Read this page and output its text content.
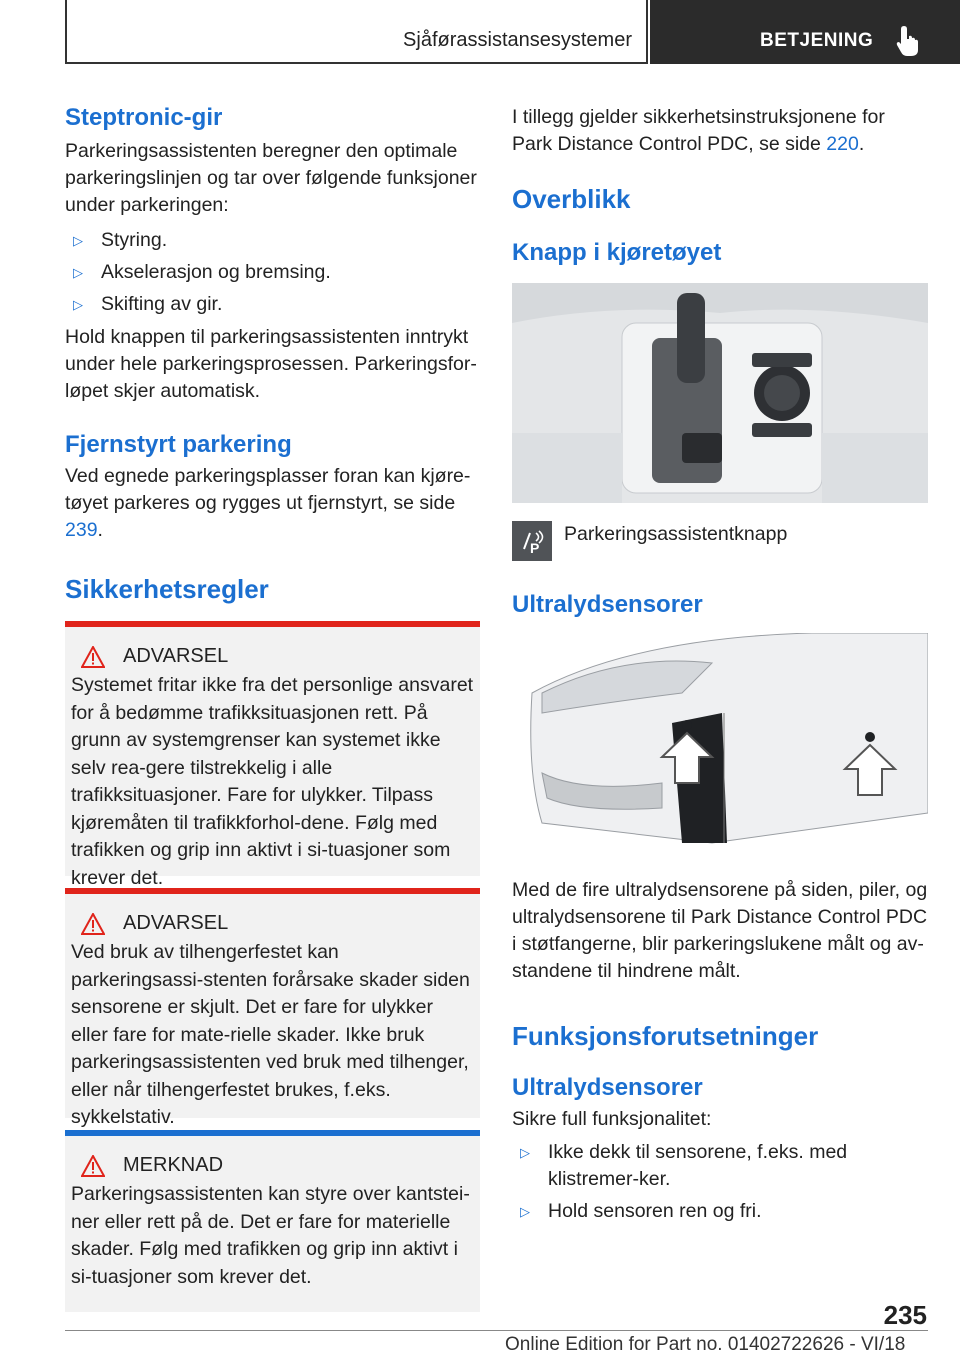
Sjåførassistansesystemer	BETJENING
Steptronic-gir

Parkeringsassistenten beregner den optimale parkeringslinjen og tar over følgende funksjoner under parkeringen:

▷ Styring.
▷ Akselerasjon og bremsing.
▷ Skifting av gir.

Hold knappen til parkeringsassistenten inntrykt under hele parkeringsprosessen. Parkeringsfor-løpet skjer automatisk.

Fjernstyrt parkering

Ved egnede parkeringsplasser foran kan kjøre-tøyet parkeres og rygges ut fjernstyrt, se side 239.

Sikkerhetsregler
ADVARSEL

Systemet fritar ikke fra det personlige ansvaret for å bedømme trafikksituasjonen rett. På grunn av systemgrenser kan systemet ikke selv rea-gere tilstrekkelig i alle trafikksituasjoner. Fare for ulykker. Tilpass kjøremåten til trafikkforhol-dene. Følg med trafikken og grip inn aktivt i si-tuasjoner som krever det.

ADVARSEL

Ved bruk av tilhengerfestet kan parkeringsassi-stenten forårsake skader siden sensorene er skjult. Det er fare for ulykker eller fare for mate-rielle skader. Ikke bruk parkeringsassistenten ved bruk med tilhenger, eller når tilhengerfestet brukes, f.eks. sykkelstativ.

MERKNAD

Parkeringsassistenten kan styre over kantstei-ner eller rett på de. Det er fare for materielle skader. Følg med trafikken og grip inn aktivt i si-tuasjoner som krever det.

I tillegg gjelder sikkerhetsinstruksjonene for Park Distance Control PDC, se side 220.

Overblikk
Knapp i kjøretøyet
P

Parkeringsassistentknapp

Ultralydsensorer

Med de fire ultralydsensorene på siden, piler, og ultralydsensorene til Park Distance Control PDC i støtfangerne, blir parkeringslukene målt og av-standene til hindrene målt.

Funksjonsforutsetninger
Ultralydsensorer

Sikre full funksjonalitet:

▷ Ikke dekk til sensorene, f.eks. med klistremer-ker.
▷ Hold sensoren ren og fri.
235
Online Edition for Part no. 01402722626 - VI/18
